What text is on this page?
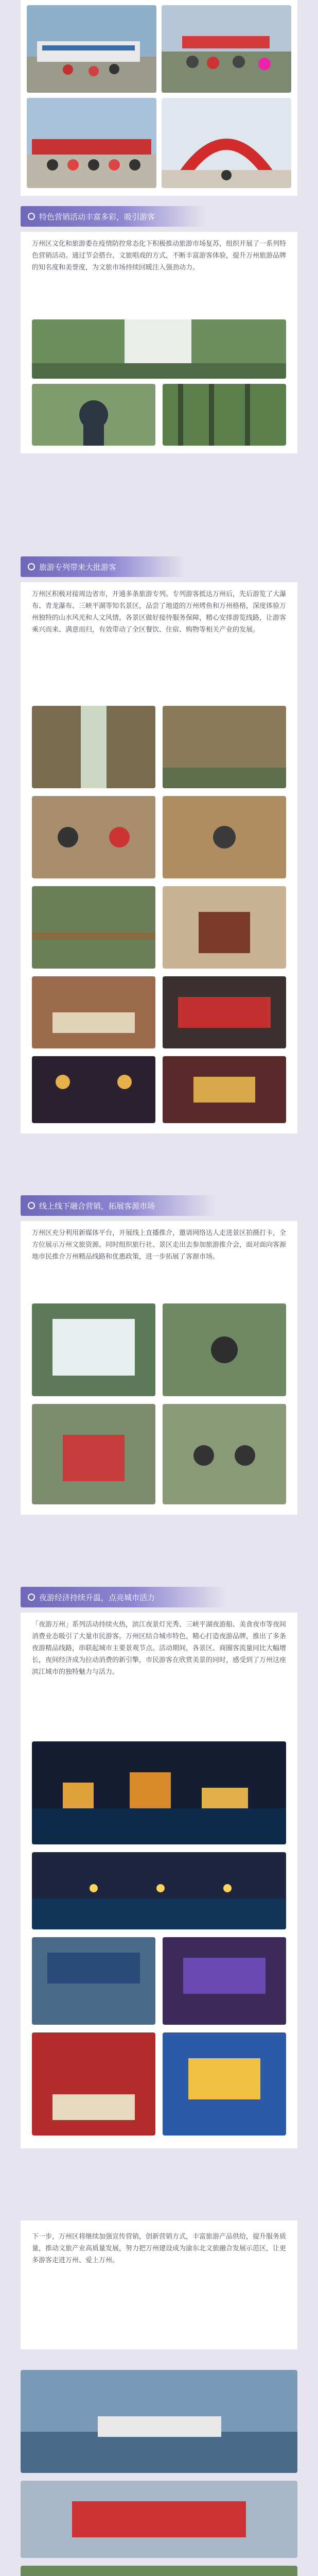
特色营销活动丰富多彩，吸引游客
万州区文化和旅游委在疫情防控常态化下积极推动旅游市场复苏，组织开展了一系列特色营销活动。通过节会搭台、文旅唱戏的方式，不断丰富游客体验，提升万州旅游品牌的知名度和美誉度，为文旅市场持续回暖注入强劲动力。
旅游专列带来大批游客
万州区积极对接周边省市，开通多条旅游专列。专列游客抵达万州后，先后游览了大瀑布、青龙瀑布、三峡平湖等知名景区，品尝了地道的万州烤鱼和万州格格，深度体验万州独特的山水风光和人文风情。各景区做好接待服务保障，精心安排游览线路，让游客乘兴而来、满意而归，有效带动了全区餐饮、住宿、购物等相关产业的发展。
线上线下融合营销，拓展客源市场
万州区充分利用新媒体平台，开展线上直播推介，邀请网络达人走进景区拍摄打卡，全方位展示万州文旅资源。同时组织旅行社、景区走出去参加旅游推介会，面对面向客源地市民推介万州精品线路和优惠政策，进一步拓展了客源市场。
夜游经济持续升温，点亮城市活力
「夜游万州」系列活动持续火热，滨江夜景灯光秀、三峡平湖夜游船、美食夜市等夜间消费业态吸引了大量市民游客。万州区结合城市特色，精心打造夜游品牌，推出了多条夜游精品线路，串联起城市主要景观节点。活动期间，各景区、商圈客流量同比大幅增长，夜间经济成为拉动消费的新引擎，市民游客在欣赏美景的同时，感受到了万州这座滨江城市的独特魅力与活力。
下一步，万州区将继续加强宣传营销，创新营销方式，丰富旅游产品供给，提升服务质量，推动文旅产业高质量发展，努力把万州建设成为渝东北文旅融合发展示范区，让更多游客走进万州、爱上万州。
